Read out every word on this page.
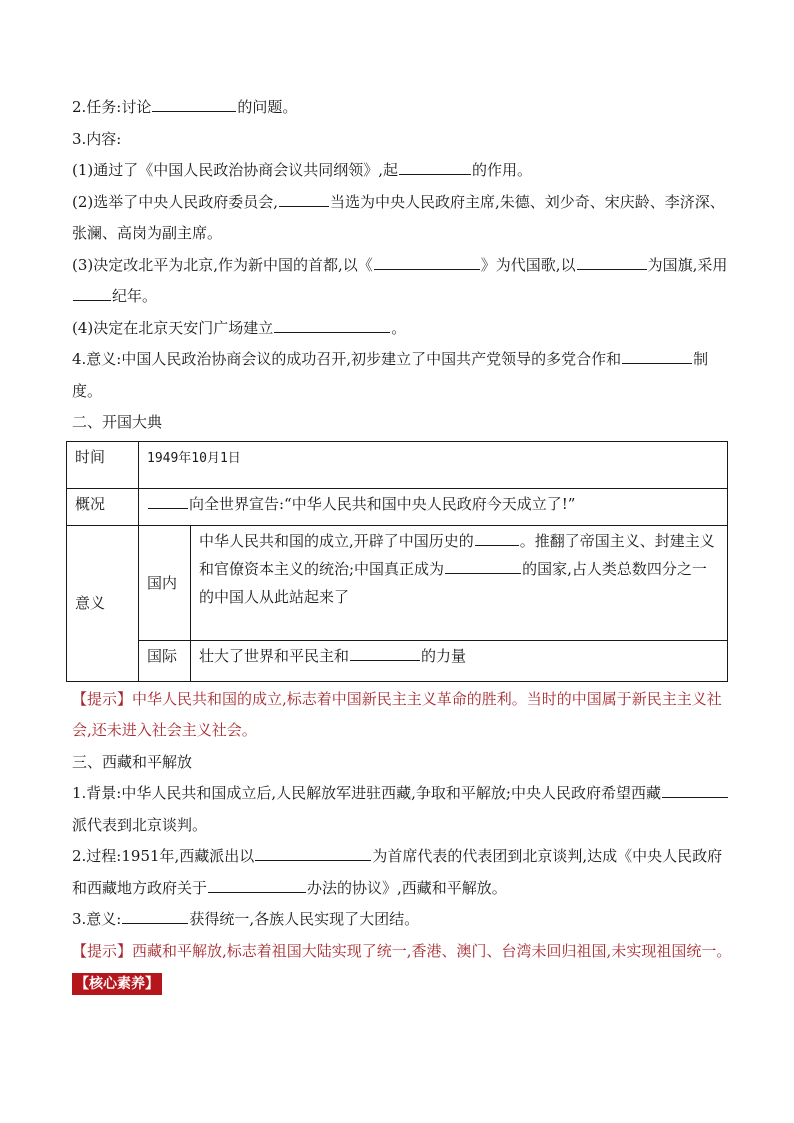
2.任务:讨论	的问题。
3.内容:
(1)通过了《中国人民政治协商会议共同纲领》,起	的作用。
(2)选举了中央人民政府委员会,	当选为中央人民政府主席,朱德、刘少奇、宋庆龄、李济深、张澜、高岗为副主席。
(3)决定改北平为北京,作为新中国的首都,以《	》为代国歌,以	为国旗,采用纪年。
(4)决定在北京天安门广场建立	。
4.意义:中国人民政治协商会议的成功召开,初步建立了中国共产党领导的多党合作和	制度。
二、开国大典
时间	1949年10月1日	
概况	向全世界宣告:“中华人民共和国中央人民政府今天成立了!”	
意义	国内	中华人民共和国的成立,开辟了中国历史的 。推翻了帝国主义、封建主义和官僚资本主义的统治;中国真正成为 的国家,占人类总数四分之一的中国人从此站起来了
	国际	壮大了世界和平民主和 的力量
【提示】中华人民共和国的成立,标志着中国新民主主义革命的胜利。当时的中国属于新民主主义社会,还未进入社会主义社会。
三、西藏和平解放
1.背景:中华人民共和国成立后,人民解放军进驻西藏,争取和平解放;中央人民政府希望西藏派代表到北京谈判。
2.过程:1951年,西藏派出以	为首席代表的代表团到北京谈判,达成《中央人民政府和西藏地方政府关于	办法的协议》,西藏和平解放。
3.意义:	获得统一,各族人民实现了大团结。
【提示】西藏和平解放,标志着祖国大陆实现了统一,香港、澳门、台湾未回归祖国,未实现祖国统一。
【核心素养】
